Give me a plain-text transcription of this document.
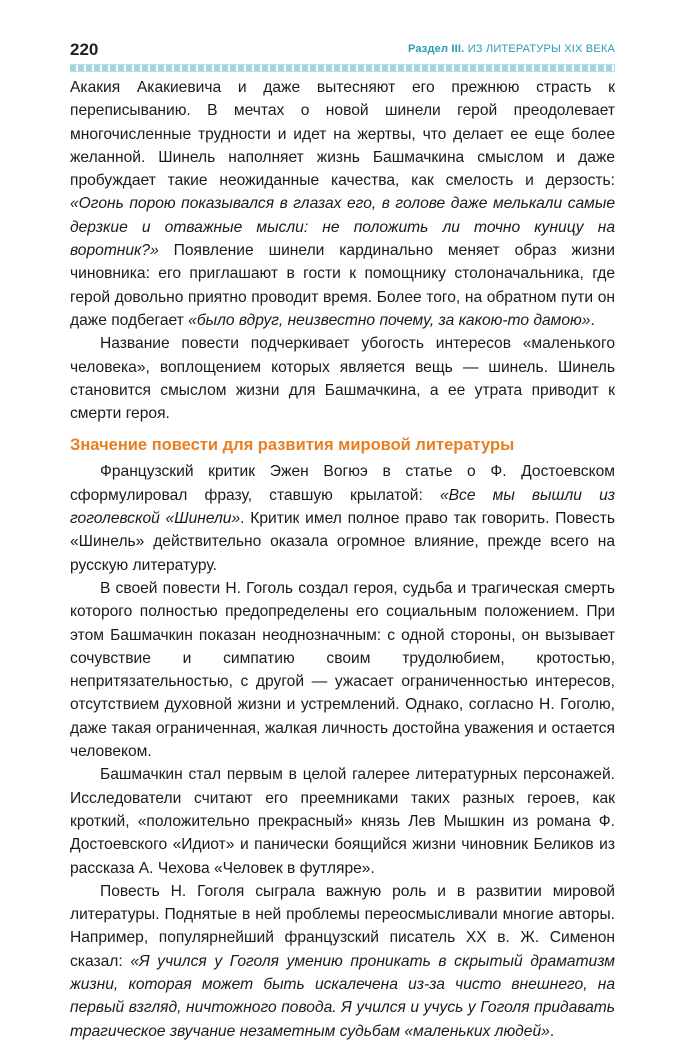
220	Раздел III. ИЗ ЛИТЕРАТУРЫ XIX ВЕКА

Акакия Акакиевича и даже вытесняют его прежнюю страсть к переписыванию. В мечтах о новой шинели герой преодолевает многочисленные трудности и идет на жертвы, что делает ее еще более желанной. Шинель наполняет жизнь Башмачкина смыслом и даже пробуждает такие неожиданные качества, как смелость и дерзость: «Огонь порою показывался в глазах его, в голове даже мелькали самые дерзкие и отважные мысли: не положить ли точно куницу на воротник?» Появление шинели кардинально меняет образ жизни чиновника: его приглашают в гости к помощнику столоначальника, где герой довольно приятно проводит время. Более того, на обратном пути он даже подбегает «было вдруг, неизвестно почему, за какою-то дамою».

Название повести подчеркивает убогость интересов «маленького человека», воплощением которых является вещь — шинель. Шинель становится смыслом жизни для Башмачкина, а ее утрата приводит к смерти героя.

Значение повести для развития мировой литературы

Французский критик Эжен Вогюэ в статье о Ф. Достоевском сформулировал фразу, ставшую крылатой: «Все мы вышли из гоголевской «Шинели». Критик имел полное право так говорить. Повесть «Шинель» действительно оказала огромное влияние, прежде всего на русскую литературу.

В своей повести Н. Гоголь создал героя, судьба и трагическая смерть которого полностью предопределены его социальным положением. При этом Башмачкин показан неоднозначным: с одной стороны, он вызывает сочувствие и симпатию своим трудолюбием, кротостью, непритязательностью, с другой — ужасает ограниченностью интересов, отсутствием духовной жизни и устремлений. Однако, согласно Н. Гоголю, даже такая ограниченная, жалкая личность достойна уважения и остается человеком.

Башмачкин стал первым в целой галерее литературных персонажей. Исследователи считают его преемниками таких разных героев, как кроткий, «положительно прекрасный» князь Лев Мышкин из романа Ф. Достоевского «Идиот» и панически боящийся жизни чиновник Беликов из рассказа А. Чехова «Человек в футляре».

Повесть Н. Гоголя сыграла важную роль и в развитии мировой литературы. Поднятые в ней проблемы переосмысливали многие авторы. Например, популярнейший французский писатель XX в. Ж. Сименон сказал: «Я учился у Гоголя умению проникать в скрытый драматизм жизни, которая может быть искалечена из-за чисто внешнего, на первый взгляд, ничтожного повода. Я учился и учусь у Гоголя придавать трагическое звучание незаметным судьбам «маленьких людей».
